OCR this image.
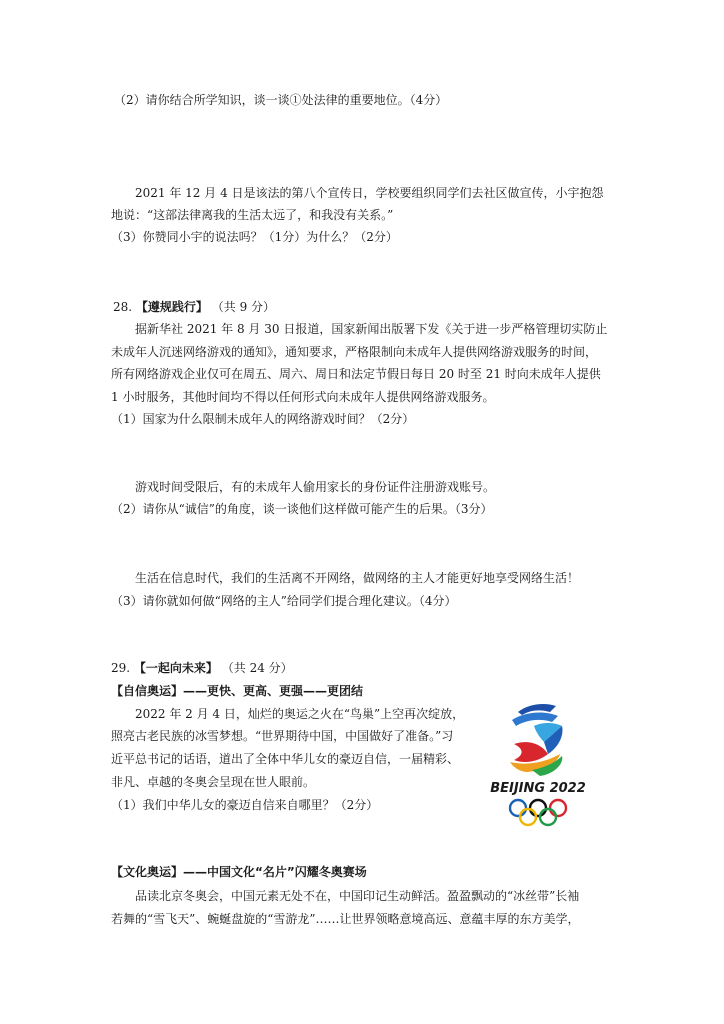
（2）请你结合所学知识，谈一谈①处法律的重要地位。（4分）
2021 年 12 月 4 日是该法的第八个宣传日，学校要组织同学们去社区做宣传，小宇抱怨
地说：“这部法律离我的生活太远了，和我没有关系。”
（3）你赞同小宇的说法吗？（1分）为什么？（2分）
28. 【遵规践行】 （共 9 分）
据新华社 2021 年 8 月 30 日报道，国家新闻出版署下发《关于进一步严格管理切实防止
未成年人沉迷网络游戏的通知》，通知要求，严格限制向未成年人提供网络游戏服务的时间，
所有网络游戏企业仅可在周五、周六、周日和法定节假日每日 20 时至 21 时向未成年人提供
1 小时服务，其他时间均不得以任何形式向未成年人提供网络游戏服务。
（1）国家为什么限制未成年人的网络游戏时间？（2分）
游戏时间受限后，有的未成年人偷用家长的身份证件注册游戏账号。
（2）请你从“诚信”的角度，谈一谈他们这样做可能产生的后果。（3分）
生活在信息时代，我们的生活离不开网络，做网络的主人才能更好地享受网络生活！
（3）请你就如何做“网络的主人”给同学们提合理化建议。（4分）
29. 【一起向未来】 （共 24 分）
【自信奥运】——更快、更高、更强——更团结
2022 年 2 月 4 日，灿烂的奥运之火在“鸟巢”上空再次绽放，
照亮古老民族的冰雪梦想。“世界期待中国，中国做好了准备。”习
近平总书记的话语，道出了全体中华儿女的豪迈自信，一届精彩、
非凡、卓越的冬奥会呈现在世人眼前。
（1）我们中华儿女的豪迈自信来自哪里？（2分）
BEIJING 2022
【文化奥运】——中国文化“名片”闪耀冬奥赛场
品读北京冬奥会，中国元素无处不在，中国印记生动鲜活。盈盈飘动的“冰丝带”长袖
若舞的“雪飞天”、蜿蜒盘旋的“雪游龙”……让世界领略意境高远、意蕴丰厚的东方美学，
